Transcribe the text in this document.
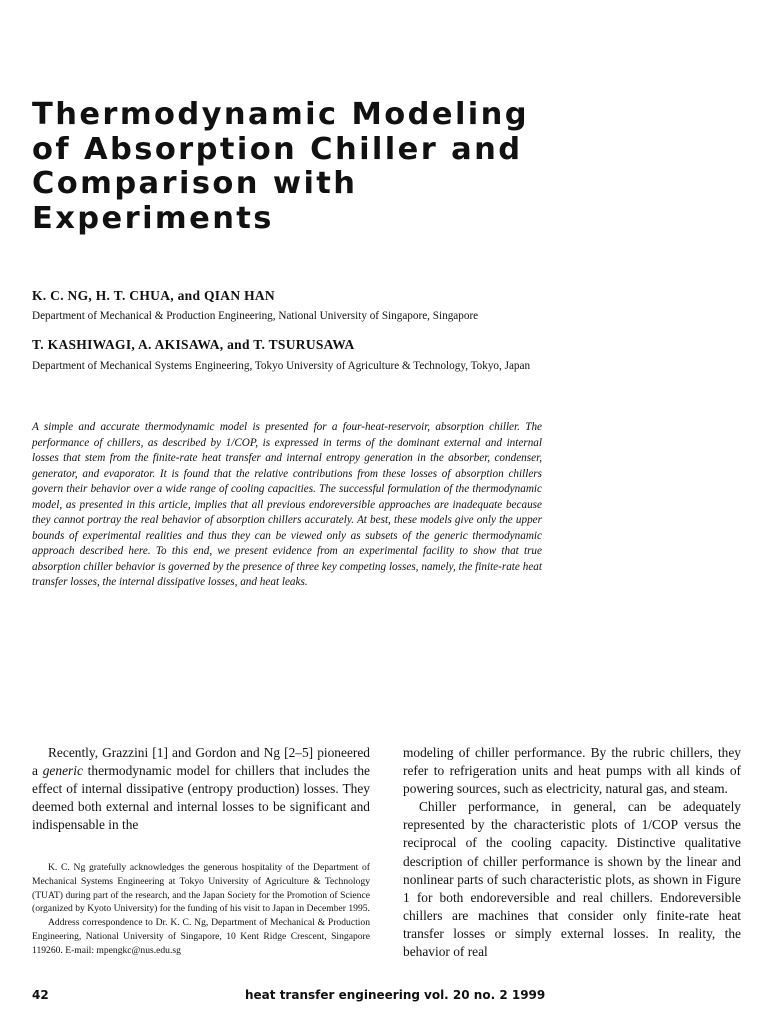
Thermodynamic Modeling
of Absorption Chiller and
Comparison with
Experiments

K. C. NG, H. T. CHUA, and QIAN HAN

Department of Mechanical & Production Engineering, National University of Singapore, Singapore

T. KASHIWAGI, A. AKISAWA, and T. TSURUSAWA

Department of Mechanical Systems Engineering, Tokyo University of Agriculture & Technology, Tokyo, Japan

A simple and accurate thermodynamic model is presented for a four-heat-reservoir, absorption chiller. The performance of chillers, as described by 1/COP, is expressed in terms of the dominant external and internal losses that stem from the finite-rate heat transfer and internal entropy generation in the absorber, condenser, generator, and evaporator. It is found that the relative contributions from these losses of absorption chillers govern their behavior over a wide range of cooling capacities. The successful formulation of the thermodynamic model, as presented in this article, implies that all previous endoreversible approaches are inadequate because they cannot portray the real behavior of absorption chillers accurately. At best, these models give only the upper bounds of experimental realities and thus they can be viewed only as subsets of the generic thermodynamic approach described here. To this end, we present evidence from an experimental facility to show that true absorption chiller behavior is governed by the presence of three key competing losses, namely, the finite-rate heat transfer losses, the internal dissipative losses, and heat leaks.

Recently, Grazzini [1] and Gordon and Ng [2–5] pioneered a generic thermodynamic model for chillers that includes the effect of internal dissipative (entropy production) losses. They deemed both external and internal losses to be significant and indispensable in the

K. C. Ng gratefully acknowledges the generous hospitality of the Department of Mechanical Systems Engineering at Tokyo University of Agriculture & Technology (TUAT) during part of the research, and the Japan Society for the Promotion of Science (organized by Kyoto University) for the funding of his visit to Japan in December 1995.

Address correspondence to Dr. K. C. Ng, Department of Mechanical & Production Engineering, National University of Singapore, 10 Kent Ridge Crescent, Singapore 119260. E-mail: mpengkc@nus.edu.sg

modeling of chiller performance. By the rubric chillers, they refer to refrigeration units and heat pumps with all kinds of powering sources, such as electricity, natural gas, and steam.

Chiller performance, in general, can be adequately represented by the characteristic plots of 1/COP versus the reciprocal of the cooling capacity. Distinctive qualitative description of chiller performance is shown by the linear and nonlinear parts of such characteristic plots, as shown in Figure 1 for both endoreversible and real chillers. Endoreversible chillers are machines that consider only finite-rate heat transfer losses or simply external losses. In reality, the behavior of real

42	heat transfer engineering vol. 20 no. 2 1999
